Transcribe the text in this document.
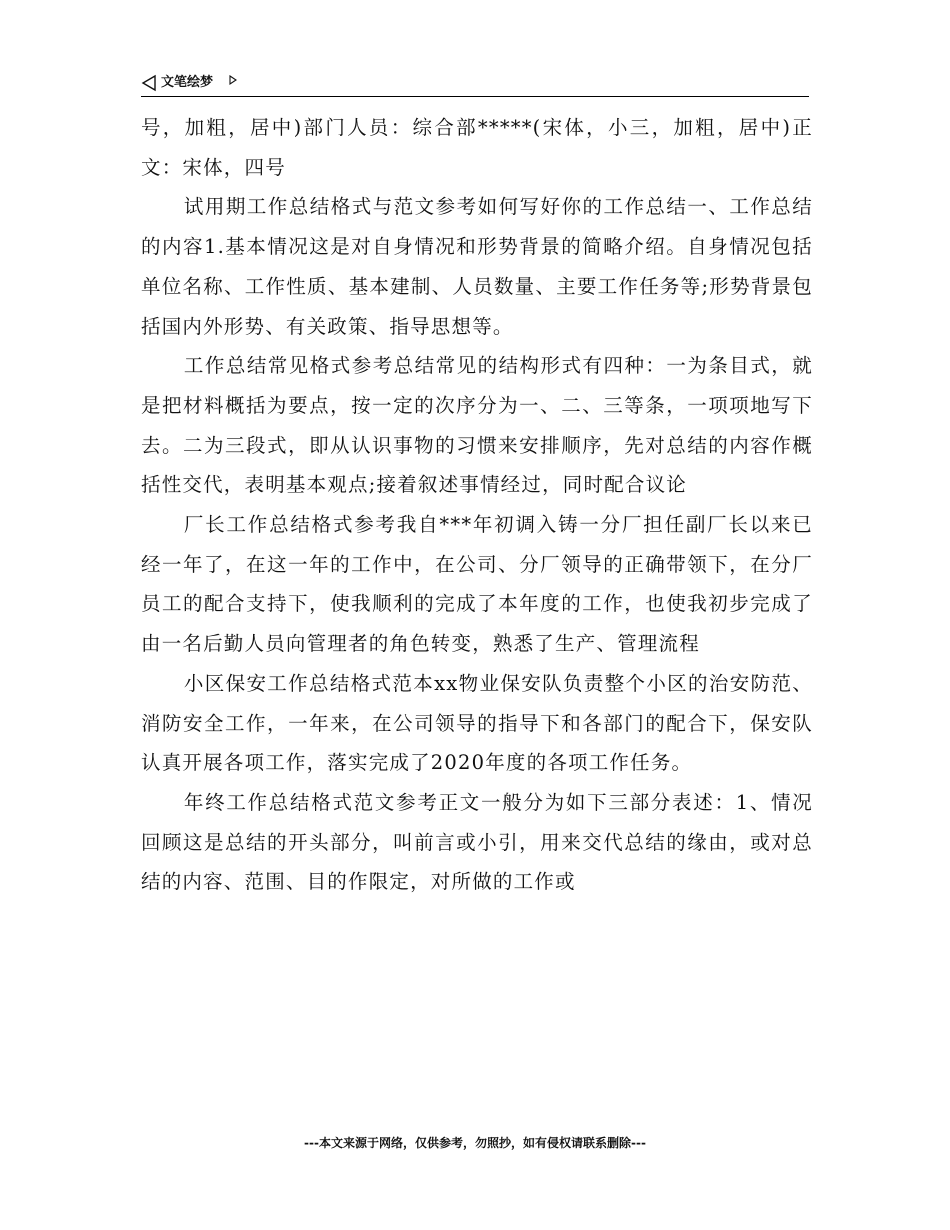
文笔绘梦

号，加粗，居中)部门人员：综合部*****(宋体，小三，加粗，居中)正文：宋体，四号

试用期工作总结格式与范文参考如何写好你的工作总结一、工作总结的内容1.基本情况这是对自身情况和形势背景的简略介绍。自身情况包括单位名称、工作性质、基本建制、人员数量、主要工作任务等;形势背景包括国内外形势、有关政策、指导思想等。

工作总结常见格式参考总结常见的结构形式有四种：一为条目式，就是把材料概括为要点，按一定的次序分为一、二、三等条，一项项地写下去。二为三段式，即从认识事物的习惯来安排顺序，先对总结的内容作概括性交代，表明基本观点;接着叙述事情经过，同时配合议论

厂长工作总结格式参考我自***年初调入铸一分厂担任副厂长以来已经一年了，在这一年的工作中，在公司、分厂领导的正确带领下，在分厂员工的配合支持下，使我顺利的完成了本年度的工作，也使我初步完成了由一名后勤人员向管理者的角色转变，熟悉了生产、管理流程

小区保安工作总结格式范本xx物业保安队负责整个小区的治安防范、消防安全工作，一年来，在公司领导的指导下和各部门的配合下，保安队认真开展各项工作，落实完成了2020年度的各项工作任务。

年终工作总结格式范文参考正文一般分为如下三部分表述：1、情况回顾这是总结的开头部分，叫前言或小引，用来交代总结的缘由，或对总结的内容、范围、目的作限定，对所做的工作或

---本文来源于网络，仅供参考，勿照抄，如有侵权请联系删除---
